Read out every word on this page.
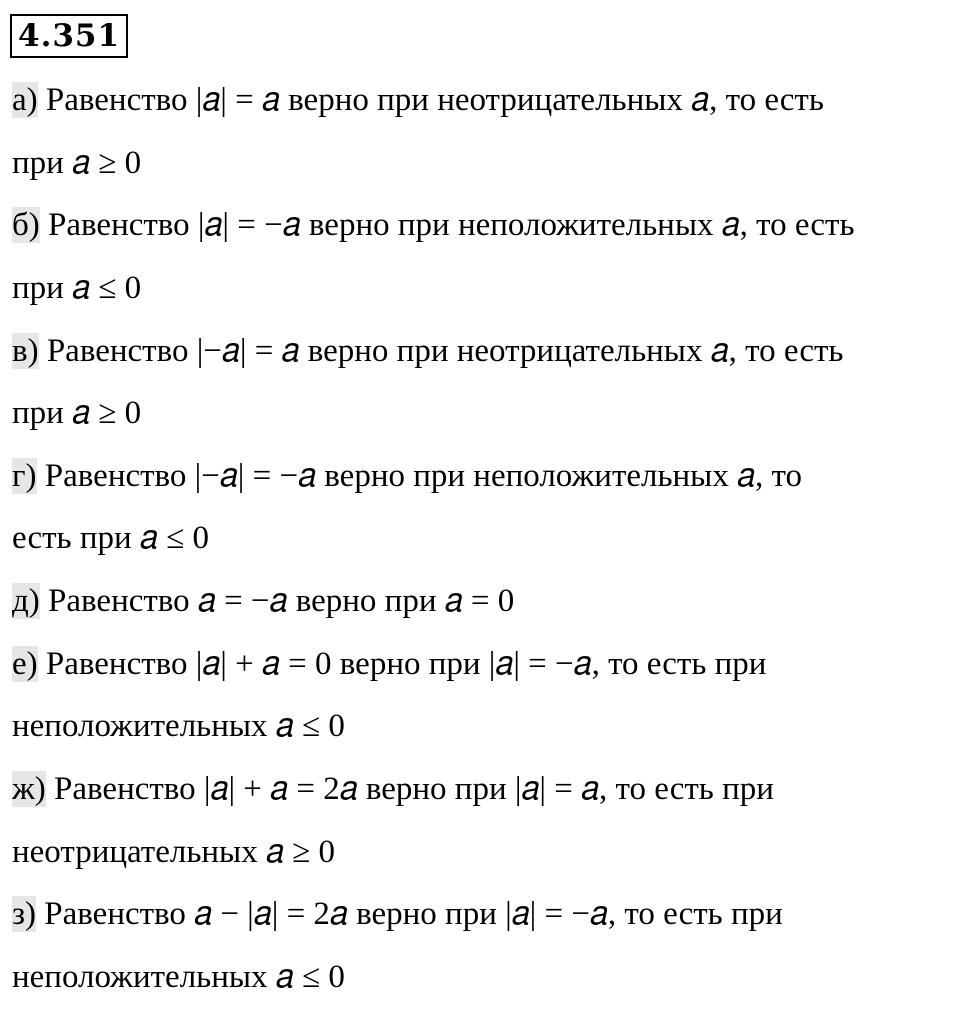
4.351
а) Равенство |𝑎| = 𝑎 верно при неотрицательных 𝑎, то есть
при 𝑎 ≥ 0
б) Равенство |𝑎| = −𝑎 верно при неположительных 𝑎, то есть
при 𝑎 ≤ 0
в) Равенство |−𝑎| = 𝑎 верно при неотрицательных 𝑎, то есть
при 𝑎 ≥ 0
г) Равенство |−𝑎| = −𝑎 верно при неположительных 𝑎, то
есть при 𝑎 ≤ 0
д) Равенство 𝑎 = −𝑎 верно при 𝑎 = 0
е) Равенство |𝑎| + 𝑎 = 0 верно при |𝑎| = −𝑎, то есть при
неположительных 𝑎 ≤ 0
ж) Равенство |𝑎| + 𝑎 = 2𝑎 верно при |𝑎| = 𝑎, то есть при
неотрицательных 𝑎 ≥ 0
з) Равенство 𝑎 − |𝑎| = 2𝑎 верно при |𝑎| = −𝑎, то есть при
неположительных 𝑎 ≤ 0
